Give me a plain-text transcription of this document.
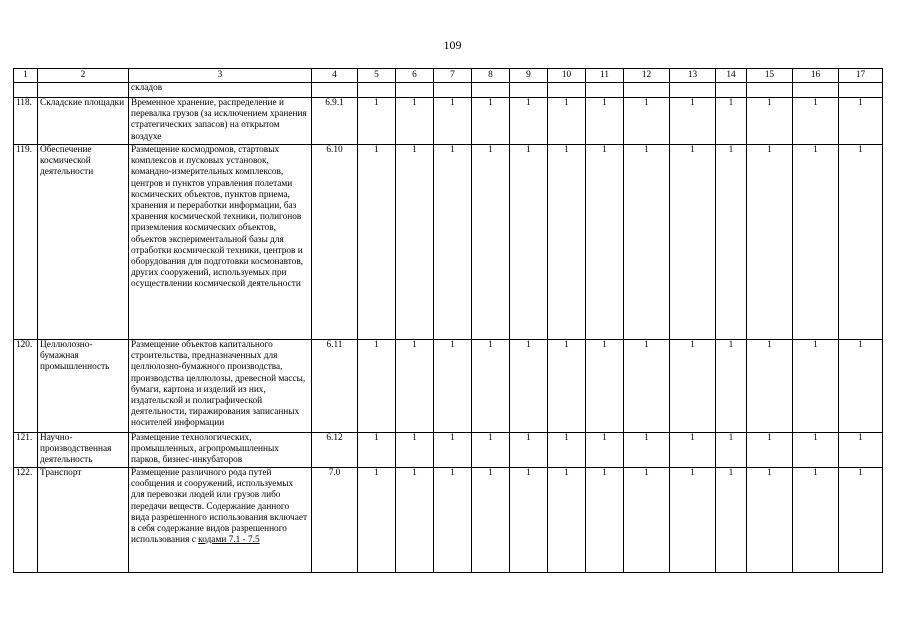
109
1	2	3	4	5	6	7	8	9	10	11	12	13	14	15	16	17
		складов														
118.	Складские площадки	Временное хранение, распределение и перевалка грузов (за исключением хранения стратегических запасов) на открытом воздухе	6.9.1	1	1	1	1	1	1	1	1	1	1	1	1	1
119.	Обеспечение космической деятельности	Размещение космодромов, стартовых комплексов и пусковых установок, командно-измерительных комплексов, центров и пунктов управления полетами космических объектов, пунктов приема, хранения и переработки информации, баз хранения космической техники, полигонов приземления космических объектов, объектов экспериментальной базы для отработки космической техники, центров и оборудования для подготовки космонавтов, других сооружений, используемых при осуществлении космической деятельности	6.10	1	1	1	1	1	1	1	1	1	1	1	1	1
120.	Целлюлозно-бумажная промышленность	Размещение объектов капитального строительства, предназначенных для целлюлозно-бумажного производства, производства целлюлозы, древесной массы, бумаги, картона и изделий из них, издательской и полиграфической деятельности, тиражирования записанных носителей информации	6.11	1	1	1	1	1	1	1	1	1	1	1	1	1
121.	Научно-производственная деятельность	Размещение технологических, промышленных, агропромышленных парков, бизнес-инкубаторов	6.12	1	1	1	1	1	1	1	1	1	1	1	1	1
122.	Транспорт	Размещение различного рода путей сообщения и сооружений, используемых для перевозки людей или грузов либо передачи веществ. Содержание данного вида разрешенного использования включает в себя содержание видов разрешенного использования с кодами 7.1 - 7.5	7.0	1	1	1	1	1	1	1	1	1	1	1	1	1
